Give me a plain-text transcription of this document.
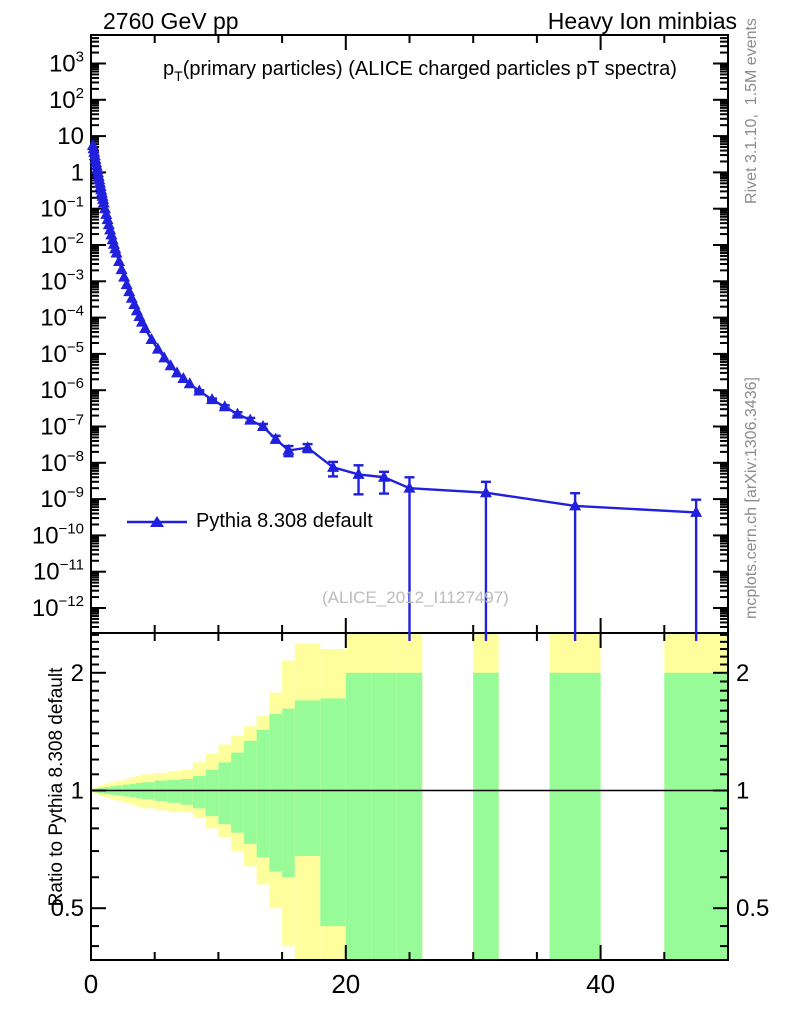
$10^3$
$10^2$
10
1
$10^{-1}$
$10^{-2}$
$10^{-3}$
$10^{-4}$
$10^{-5}$
$10^{-6}$
$10^{-7}$
$10^{-8}$
$10^{-9}$
$10^{-10}$
$10^{-11}$
$10^{-12}$
2	2
1	1
0.5	0.5
0	20	40
2760 GeV pp	Heavy Ion minbias
$p_T(primary$ particles) (ALICE charged particles pT spectra)
Pythia 8.308 default
(ALICE_2012_I1127497)
Rivet 3.1.10,  1.5M events
mcplots.cern.ch [arXiv:1306.3436]
Ratio to Pythia 8.308 default
